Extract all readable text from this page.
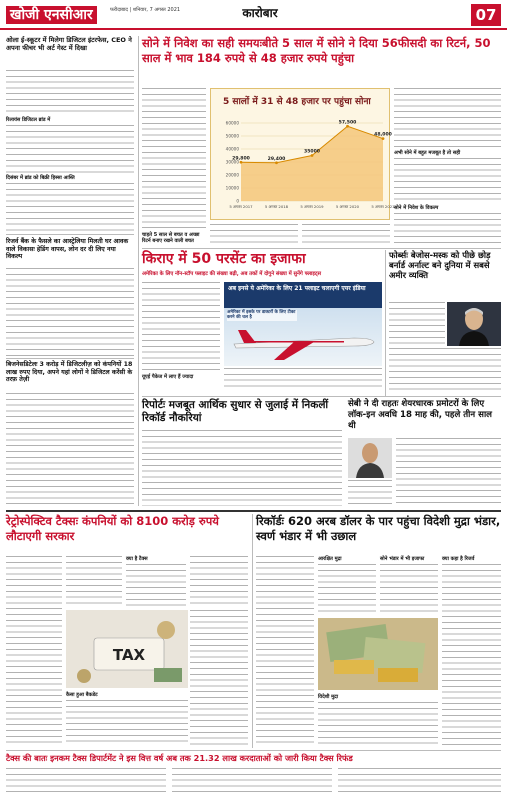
खोजी एनसीआर	फरीदाबाद | शनिवार, 7 अगस्त 2021	कारोबार	07
ओला ई-स्कूटर में मिलेगा डिजिटल इंटरफेस, CEO ने अपना फीचर भी अर्ट गेस्ट में दिखा
रिलायंस डिजिटल ब्रांड में
दिसंबर में ब्रांड को बिक्री हिस्सा आस्ति
रिजर्व बैंक के फैसले का आस्ट्रेलिया मिलती घर आवक वाले विकासः हेडिंग वापस, लोन दर दी लिए नया विकल्प
बिजनेसडिटेलः 3 करोड़ में डिजिटलीज़ को कंपनियों 18 लाख रुपए दिया, अपने यहां लोगों ने डिजिटल करेंसी के तरफ़ तेज़ी
सोने में निवेश का सही समयःबीते 5 साल में सोने ने दिया 56फीसदी का रिटर्न, 50 साल में भाव 184 रुपये से 48 हजार रुपये पहुंचा
5 सालों में 31 से 48 हजार पर पहुंचा सोना
60000
50000
40000
30000
20000
10000
0
29,800
5 अगस्त 2017
29,400
5 अगस्त 2018
35000
5 अगस्त 2019
57,500
5 अगस्त 2020
48,000
5 अगस्त 2021
अभी सोने में बहुत मजबूत है तो सही
सोने में निवेश के विकल्प
चाहते 5 साल से बचत व अच्छा रिटर्न बनाए रखने वाली बचत
किराए में 50 परसेंट का इजाफा
अमेरिका के लिए नॉन-स्टॉप फ्लाइट की संख्या बढ़ी, अब तकों में दोगुने संख्या में सुनेंगे फ्लाइट्स
अब इनसे ये अमेरिका के लिए 21 फ्लाइट चलाएगी एयर इंडिया
अमेरिका में इसके पर डाक्टरों के लिए टीका करने की चल है
यूएई पैकेज में लाए हैं ज्यादा
फोर्ब्सः बेजोस-मस्क को पीछे छोड़ बर्नार्ड अर्नाल्ट बने दुनिया में सबसे अमीर व्यक्ति
रिपोर्टः मजबूत आर्थिक सुधार से जुलाई में निकलीं रिकॉर्ड नौकरियां
सेबी ने दी राहतः शेयरधारक प्रमोटरों के लिए लॉक-इन अवधि 18 माह की, पहले तीन साल थी
रेट्रोस्पेक्टिव टैक्सः कंपनियों को 8100 करोड़ रुपये लौटाएगी सरकार
क्या है टैक्स
TAX
कैसा हुआ बैकडेट
रिकॉर्डः 620 अरब डॉलर के पार पहुंचा विदेशी मुद्रा भंडार, स्वर्ण भंडार में भी उछाल
आरक्षित मुद्रा	सोने भंडार में भी इजाफा	क्या कहा है रिजर्व
विदेशी मुद्रा
टैक्स की बातः इनकम टैक्स डिपार्टमेंट ने इस वित्त वर्ष अब तक 21.32 लाख करदाताओं को जारी किया टैक्स रिफंड
